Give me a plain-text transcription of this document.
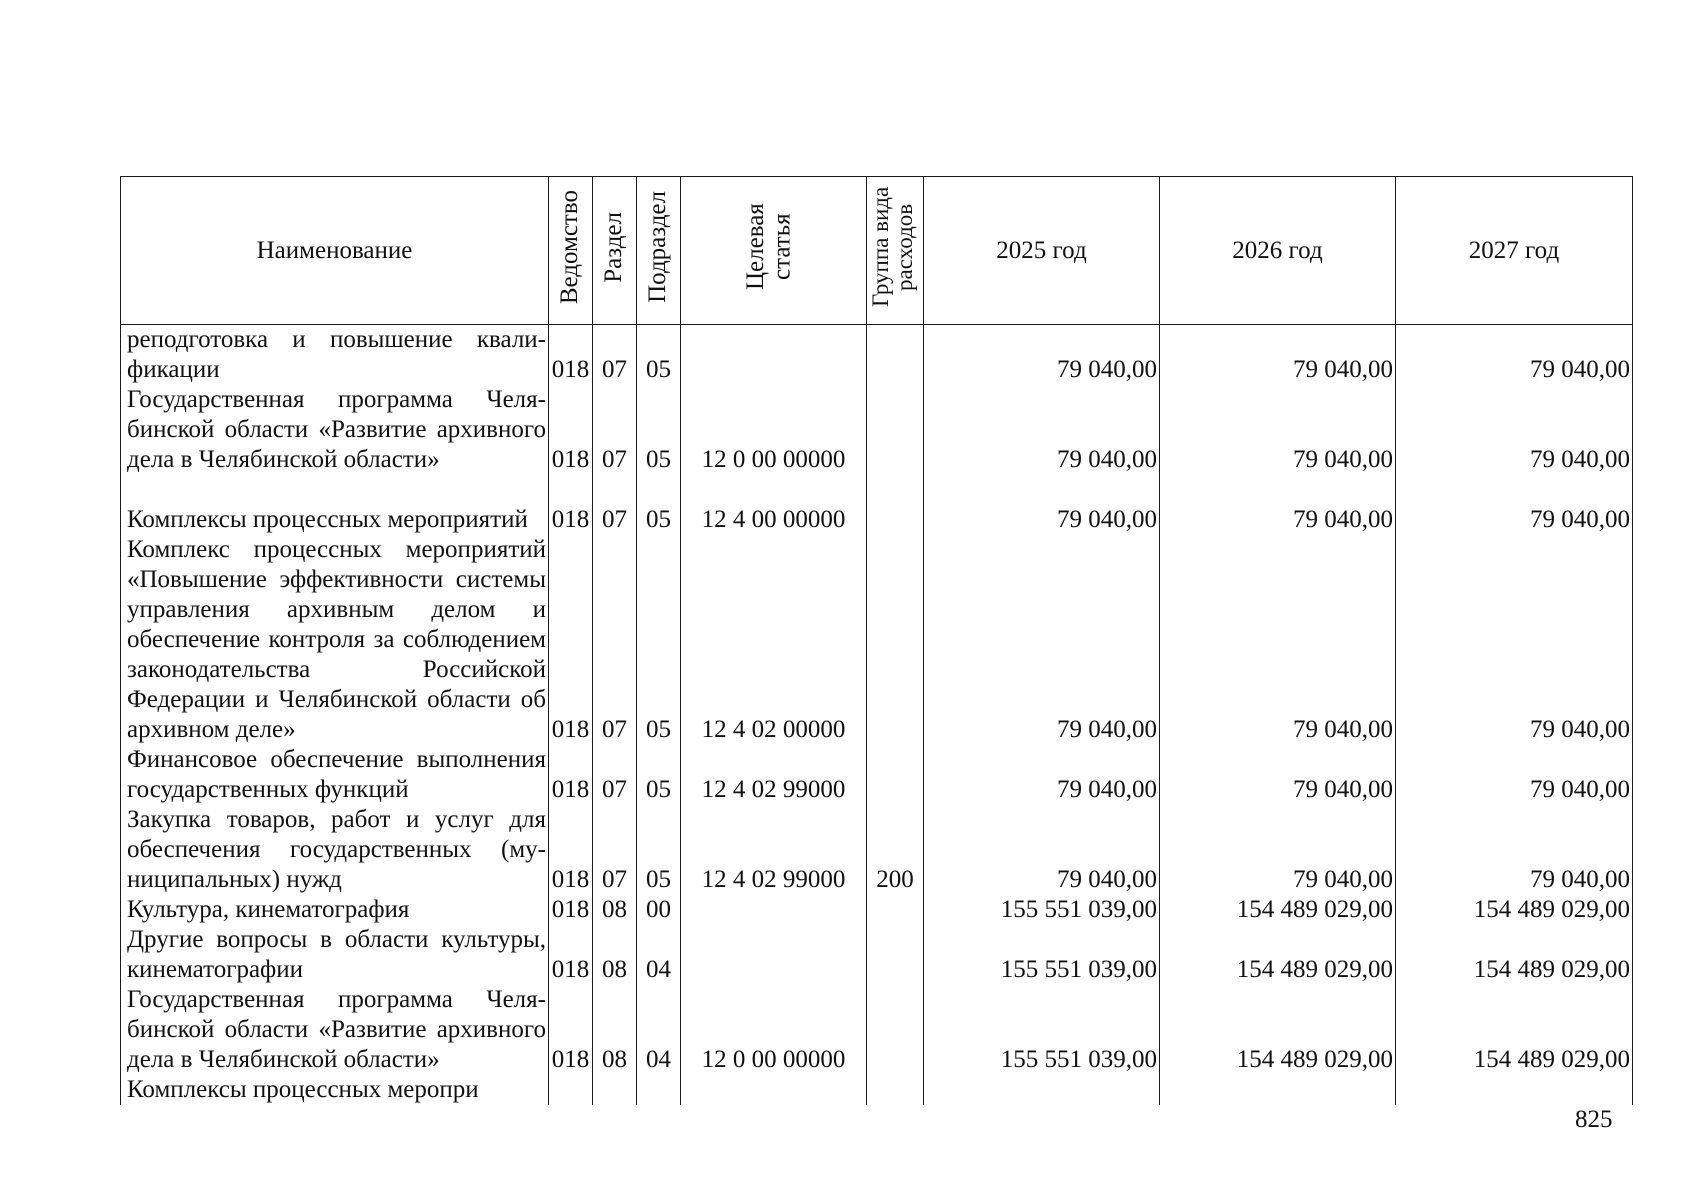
Наименование	Ведомство	Раздел	Подраздел	Целевая статья	Группа вида расходов	2025 год	2026 год	2027 год
реподготовка и повышение квалификации	018	07	05			79 040,00	79 040,00	79 040,00
Государственная программа Челябинской области «Развитие архивного дела в Челябинской области»	018	07	05	12 0 00 00000		79 040,00	79 040,00	79 040,00
Комплексы процессных мероприятий	018	07	05	12 4 00 00000		79 040,00	79 040,00	79 040,00
Комплекс процессных мероприятий «Повышение эффективности системы управления архивным делом и обеспечение контроля за соблюдением законодательства Российской Федерации и Челябинской области об архивном деле»	018	07	05	12 4 02 00000		79 040,00	79 040,00	79 040,00
Финансовое обеспечение выполнения государственных функций	018	07	05	12 4 02 99000		79 040,00	79 040,00	79 040,00
Закупка товаров, работ и услуг для обеспечения государственных (муниципальных) нужд	018	07	05	12 4 02 99000	200	79 040,00	79 040,00	79 040,00
Культура, кинематография	018	08	00			155 551 039,00	154 489 029,00	154 489 029,00
Другие вопросы в области культуры, кинематографии	018	08	04			155 551 039,00	154 489 029,00	154 489 029,00
Государственная программа Челябинской области «Развитие архивного дела в Челябинской области»	018	08	04	12 0 00 00000		155 551 039,00	154 489 029,00	154 489 029,00
Комплексы процессных меропри								
825
